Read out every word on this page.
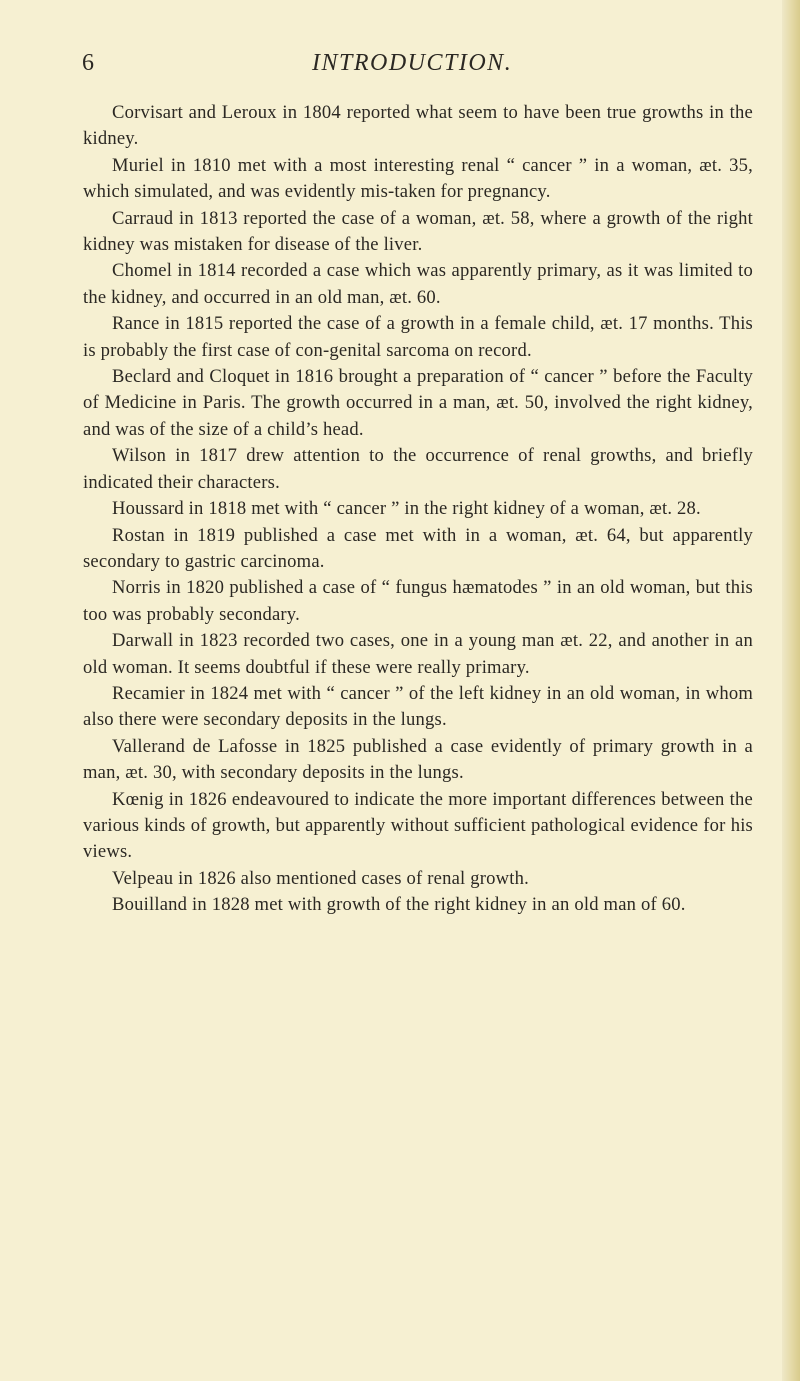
6	INTRODUCTION.

Corvisart and Leroux in 1804 reported what seem to have been true growths in the kidney.

Muriel in 1810 met with a most interesting renal “ cancer ” in a woman, æt. 35, which simulated, and was evidently mis-taken for pregnancy.

Carraud in 1813 reported the case of a woman, æt. 58, where a growth of the right kidney was mistaken for disease of the liver.

Chomel in 1814 recorded a case which was apparently primary, as it was limited to the kidney, and occurred in an old man, æt. 60.

Rance in 1815 reported the case of a growth in a female child, æt. 17 months. This is probably the first case of con-genital sarcoma on record.

Beclard and Cloquet in 1816 brought a preparation of “ cancer ” before the Faculty of Medicine in Paris. The growth occurred in a man, æt. 50, involved the right kidney, and was of the size of a child’s head.

Wilson in 1817 drew attention to the occurrence of renal growths, and briefly indicated their characters.

Houssard in 1818 met with “ cancer ” in the right kidney of a woman, æt. 28.

Rostan in 1819 published a case met with in a woman, æt. 64, but apparently secondary to gastric carcinoma.

Norris in 1820 published a case of “ fungus hæmatodes ” in an old woman, but this too was probably secondary.

Darwall in 1823 recorded two cases, one in a young man æt. 22, and another in an old woman. It seems doubtful if these were really primary.

Recamier in 1824 met with “ cancer ” of the left kidney in an old woman, in whom also there were secondary deposits in the lungs.

Vallerand de Lafosse in 1825 published a case evidently of primary growth in a man, æt. 30, with secondary deposits in the lungs.

Kœnig in 1826 endeavoured to indicate the more important differences between the various kinds of growth, but apparently without sufficient pathological evidence for his views.

Velpeau in 1826 also mentioned cases of renal growth.

Bouilland in 1828 met with growth of the right kidney in an old man of 60.
